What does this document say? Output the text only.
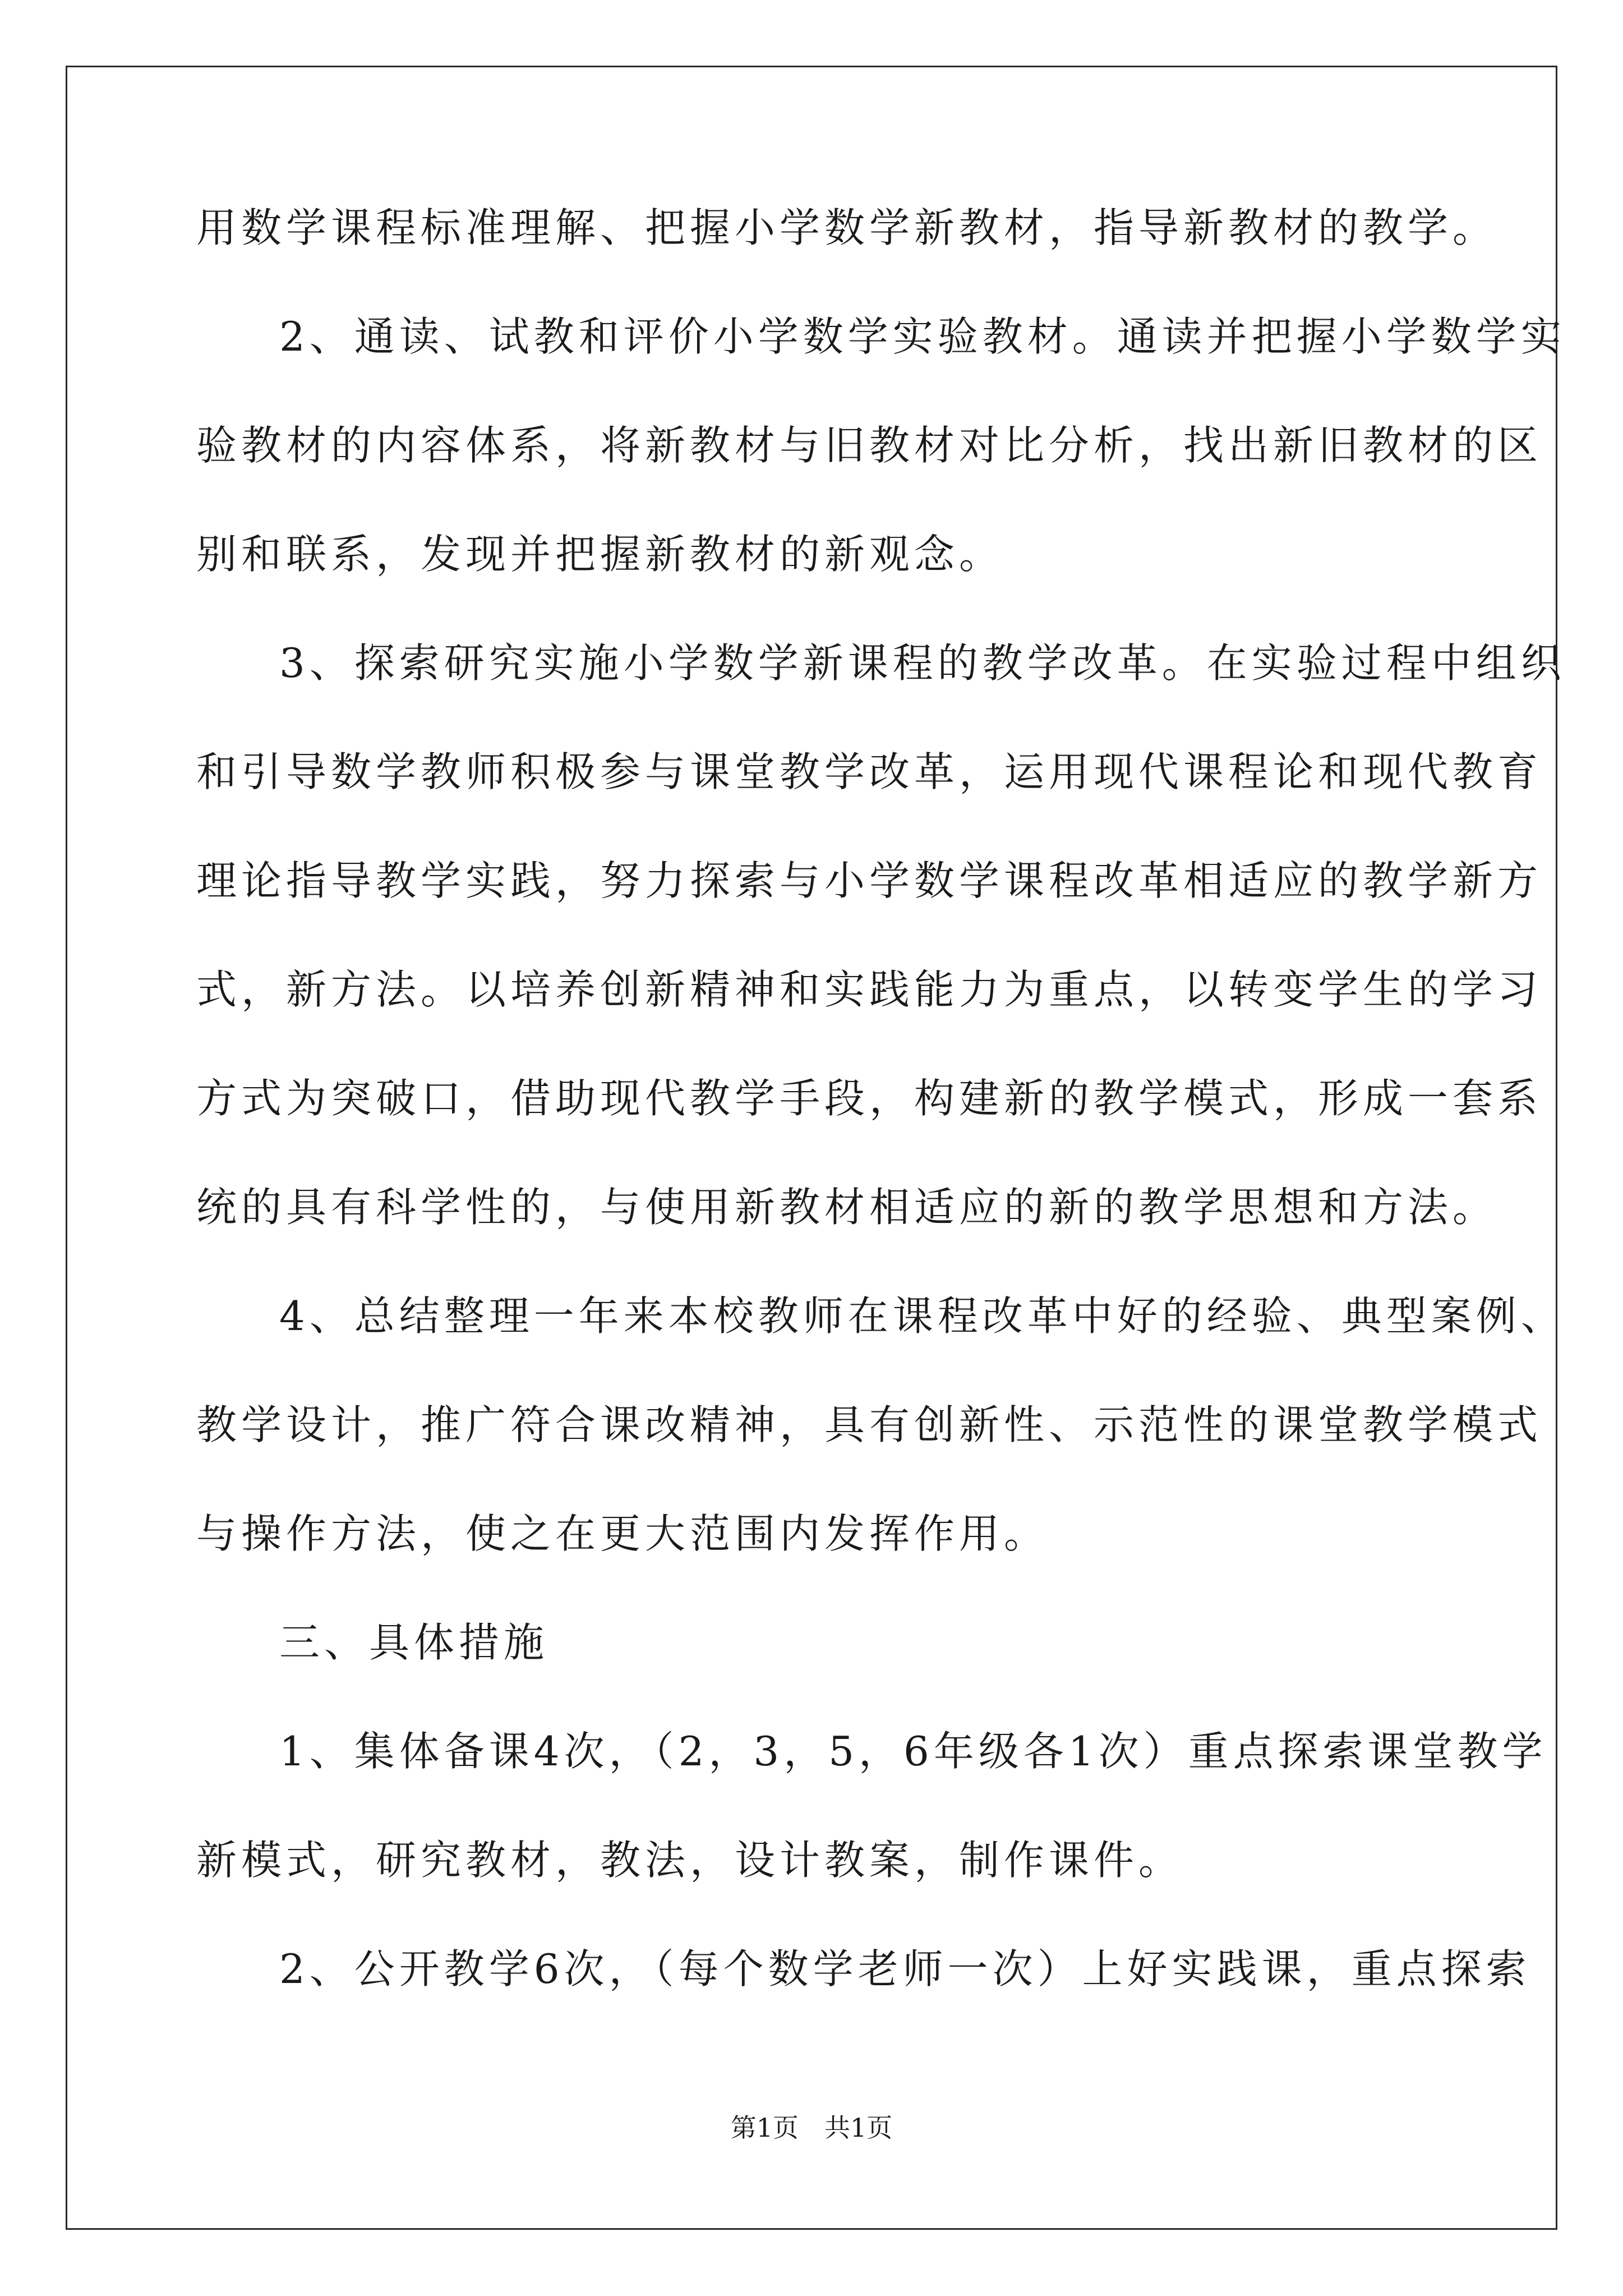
用数学课程标准理解、把握小学数学新教材，指导新教材的教学。
2、通读、试教和评价小学数学实验教材。通读并把握小学数学实
验教材的内容体系，将新教材与旧教材对比分析，找出新旧教材的区
别和联系，发现并把握新教材的新观念。
3、探索研究实施小学数学新课程的教学改革。在实验过程中组织
和引导数学教师积极参与课堂教学改革，运用现代课程论和现代教育
理论指导教学实践，努力探索与小学数学课程改革相适应的教学新方
式，新方法。以培养创新精神和实践能力为重点，以转变学生的学习
方式为突破口，借助现代教学手段，构建新的教学模式，形成一套系
统的具有科学性的，与使用新教材相适应的新的教学思想和方法。
4、总结整理一年来本校教师在课程改革中好的经验、典型案例、
教学设计，推广符合课改精神，具有创新性、示范性的课堂教学模式
与操作方法，使之在更大范围内发挥作用。
三、具体措施
1、集体备课4次，（2，3，5，6年级各1次）重点探索课堂教学
新模式，研究教材，教法，设计教案，制作课件。
2、公开教学6次，（每个数学老师一次）上好实践课，重点探索
第1页 共1页
